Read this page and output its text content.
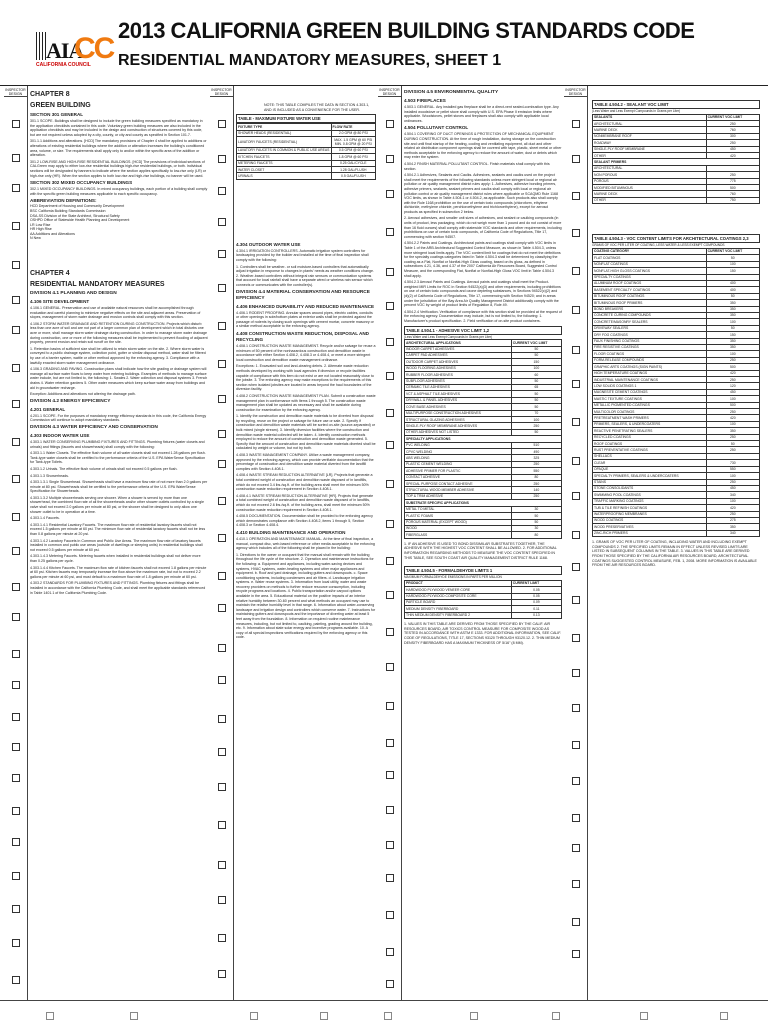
AIA
CC
CALIFORNIA COUNCIL
2013 CALIFORNIA GREEN BUILDING STANDARDS CODE
RESIDENTIAL MANDATORY MEASURES, SHEET 1
INSPECTOR DESIGN
INSPECTOR DESIGN
INSPECTOR DESIGN
INSPECTOR DESIGN
CHAPTER 8
GREEN BUILDING
SECTION 301 GENERAL

301.1 SCOPE. Buildings shall be designed to include the green building measures specified as mandatory in the application checklists contained in this code. Voluntary green building measures are also included in the application checklists and may be included in the design and construction of structures covered by this code, but are not required unless adopted by a city, county, or city and county as specified in Section 101.7.

301.1.1 Additions and alterations. [HCD] The mandatory provisions of Chapter 4 shall be applied to additions or alterations of existing residential buildings where the addition or alteration increases the building's conditioned area, volume, or size. The requirements shall apply only to and/or within the specific area of the addition or alteration.

301.2 LOW-RISE AND HIGH-RISE RESIDENTIAL BUILDINGS. [HCD] The provisions of individual sections of CALGreen may apply to either low-rise residential buildings high-rise residential buildings, or both. Individual sections will be designated by banners to indicate where the section applies specifically to low-rise only (LR) or high-rise only (HR). When the section applies to both low-rise and high-rise buildings, no banner will be used.

SECTION 302 MIXED OCCUPANCY BUILDINGS

302.1 MIXED OCCUPANCY BUILDINGS. In mixed occupancy buildings, each portion of a building shall comply with the specific green building measures applicable to each specific occupancy.

ABBREVIATION DEFINITIONS:
HCD Department of Housing and Community Development
BSC California Building Standards Commission
DSA-SS Division of the State Architect, Structural Safety
OSHPD Office of Statewide Health Planning and Development
LR Low Rise
HR High Rise
AA Additions and Alterations
N New
CHAPTER 4
RESIDENTIAL MANDATORY MEASURES
DIVISION 4.1 PLANNING AND DESIGN
4.106 SITE DEVELOPMENT

4.106.1 GENERAL. Preservation and use of available natural resources shall be accomplished through evaluation and careful planning to minimize negative effects on the site and adjacent areas. Preservation of slopes, management of storm water drainage and erosion controls shall comply with this section.

4.106.2 STORM WATER DRAINAGE AND RETENTION DURING CONSTRUCTION. Projects which disturb less than one acre of soil and are not part of a larger common plan of development which in total disturbs one acre or more, shall manage storm water drainage during construction. In order to manage storm water drainage during construction, one or more of the following measures shall be implemented to prevent flooding of adjacent property, prevent erosion and retain soil runoff on the site.

1. Retention basins of sufficient size shall be utilized to retain storm water on the site. 2. Where storm water is conveyed to a public drainage system, collection point, gutter or similar disposal method, water shall be filtered by use of a barrier system, wattle or other method approved by the enforcing agency. 3. Compliance with a lawfully enacted storm water management ordinance.

4.106.3 GRADING AND PAVING. Construction plans shall indicate how the site grading or drainage system will manage all surface water flows to keep water from entering buildings. Examples of methods to manage surface water include, but are not limited to, the following: 1. Swales 2. Water collection and disposal systems 3. French drains 4. Water retention gardens 5. Other water measures which keep surface water away from buildings and aid in groundwater recharge.

Exception: Additions and alterations not altering the drainage path.

DIVISION 4.2 ENERGY EFFICIENCY
4.201 GENERAL

4.201.1 SCOPE. For the purposes of mandatory energy efficiency standards in this code, the California Energy Commission will continue to adopt mandatory standards.

DIVISION 4.3 WATER EFFICIENCY AND CONSERVATION
4.303 INDOOR WATER USE

4.303.1 WATER CONSERVING PLUMBING FIXTURES AND FITTINGS. Plumbing fixtures (water closets and urinals) and fittings (faucets and showerheads) shall comply with the following:

4.303.1.1 Water Closets. The effective flush volume of all water closets shall not exceed 1.28 gallons per flush. Tank-type water closets shall be certified to the performance criteria of the U.S. EPA WaterSense Specification for Tank-type Toilets.

4.303.1.2 Urinals. The effective flush volume of urinals shall not exceed 0.5 gallons per flush.

4.303.1.3 Showerheads.

4.303.1.3.1 Single Showerhead. Showerheads shall have a maximum flow rate of not more than 2.0 gallons per minute at 80 psi. Showerheads shall be certified to the performance criteria of the U.S. EPA WaterSense Specification for Showerheads.

4.303.1.3.2 Multiple showerheads serving one shower. When a shower is served by more than one showerhead, the combined flow rate of all the showerheads and/or other shower outlets controlled by a single valve shall not exceed 2.0 gallons per minute at 80 psi, or the shower shall be designed to only allow one shower outlet to be in operation at a time.

4.303.1.4 Faucets.

4.303.1.4.1 Residential Lavatory Faucets. The maximum flow rate of residential lavatory faucets shall not exceed 1.5 gallons per minute at 60 psi. The minimum flow rate of residential lavatory faucets shall not be less than 0.8 gallons per minute at 20 psi.

4.303.1.4.2 Lavatory Faucets in Common and Public Use Areas. The maximum flow rate of lavatory faucets installed in common and public use areas (outside of dwellings or sleeping units) in residential buildings shall not exceed 0.5 gallons per minute at 60 psi.

4.303.1.4.3 Metering Faucets. Metering faucets when installed in residential buildings shall not deliver more than 0.25 gallons per cycle.

4.303.1.4.4 Kitchen Faucets. The maximum flow rate of kitchen faucets shall not exceed 1.8 gallons per minute at 60 psi. Kitchen faucets may temporarily increase the flow above the maximum rate, but not to exceed 2.2 gallons per minute at 60 psi, and must default to a maximum flow rate of 1.8 gallons per minute at 60 psi.

4.303.2 STANDARDS FOR PLUMBING FIXTURES AND FITTINGS. Plumbing fixtures and fittings shall be installed in accordance with the California Plumbing Code, and shall meet the applicable standards referenced in Table 1401.1 of the California Plumbing Code.

NOTE: THIS TABLE COMPILES THE DATA IN SECTION 4.303.1, AND IS INCLUDED AS A CONVENIENCE FOR THE USER.

TABLE - MAXIMUM FIXTURE WATER USE
FIXTURE TYPE	FLOW RATE
SHOWER HEADS (RESIDENTIAL)	2.0 GPM @ 80 PSI
LAVATORY FAUCETS (RESIDENTIAL)	MAX. 1.5 GPM @ 60 PSI MIN. 0.8 GPM @ 20 PSI
LAVATORY FAUCETS IN COMMON & PUBLIC USE AREAS	0.5 GPM @ 60 PSI
KITCHEN FAUCETS	1.8 GPM @ 60 PSI
METERING FAUCETS	0.25 GAL/CYCLE
WATER CLOSET	1.28 GAL/FLUSH
URINALS	0.5 GAL/FLUSH
4.304 OUTDOOR WATER USE

4.304.1 IRRIGATION CONTROLLERS. Automatic irrigation system controllers for landscaping provided by the builder and installed at the time of final inspection shall comply with the following:

1. Controllers shall be weather- or soil moisture-based controllers that automatically adjust irrigation in response to changes in plants' needs as weather conditions change. 2. Weather-based controllers without integral rain sensors or communication systems that account for local rainfall shall have a separate wired or wireless rain sensor which connects or communicates with the controller(s).

DIVISION 4.4 MATERIAL CONSERVATION AND RESOURCE EFFICIENCY
4.406 ENHANCED DURABILITY AND REDUCED MAINTENANCE

4.406.1 RODENT PROOFING. Annular spaces around pipes, electric cables, conduits or other openings in sole/bottom plates at exterior walls shall be protected against the passage of rodents by closing such openings with cement mortar, concrete masonry or a similar method acceptable to the enforcing agency.

4.408 CONSTRUCTION WASTE REDUCTION, DISPOSAL AND RECYCLING

4.408.1 CONSTRUCTION WASTE MANAGEMENT. Recycle and/or salvage for reuse a minimum of 50 percent of the nonhazardous construction and demolition waste in accordance with either Section 4.408.2, 4.408.3 or 4.408.4, or meet a more stringent local construction and demolition waste management ordinance.

Exceptions: 1. Excavated soil and land-clearing debris. 2. Alternate waste reduction methods developed by working with local agencies if diversion or recycle facilities capable of compliance with this item do not exist or are not located reasonably close to the jobsite. 3. The enforcing agency may make exceptions to the requirements of this section when isolated jobsites are located in areas beyond the haul boundaries of the diversion facility.

4.408.2 CONSTRUCTION WASTE MANAGEMENT PLAN. Submit a construction waste management plan in conformance with Items 1 through 5. The construction waste management plan shall be updated as necessary and shall be available during construction for examination by the enforcing agency.

1. Identify the construction and demolition waste materials to be diverted from disposal by recycling, reuse on the project or salvage for future use or sale. 2. Specify if construction and demolition waste materials will be sorted on-site (source-separated) or bulk mixed (single stream). 3. Identify diversion facilities where the construction and demolition waste material collected will be taken. 4. Identify construction methods employed to reduce the amount of construction and demolition waste generated. 5. Specify that the amount of construction and demolition waste materials diverted shall be calculated by weight or volume, but not by both.

4.408.3 WASTE MANAGEMENT COMPANY. Utilize a waste management company, approved by the enforcing agency, which can provide verifiable documentation that the percentage of construction and demolition waste material diverted from the landfill complies with Section 4.408.1.

4.408.4 WASTE STREAM REDUCTION ALTERNATIVE [LR]. Projects that generate a total combined weight of construction and demolition waste disposed of in landfills, which do not exceed 3.4 lbs./sq.ft. of the building area shall meet the minimum 50% construction waste reduction requirement in Section 4.408.1.

4.408.4.1 WASTE STREAM REDUCTION ALTERNATIVE [HR]. Projects that generate a total combined weight of construction and demolition waste disposed of in landfills, which do not exceed 2.6 lbs./sq.ft. of the building area, shall meet the minimum 50% construction waste reduction requirement in Section 4.408.1.

4.408.5 DOCUMENTATION. Documentation shall be provided to the enforcing agency which demonstrates compliance with Section 4.408.2, items 1 through 5, Section 4.408.3 or Section 4.408.4.

4.410 BUILDING MAINTENANCE AND OPERATION

4.410.1 OPERATION AND MAINTENANCE MANUAL. At the time of final inspection, a manual, compact disc, web-based reference or other media acceptable to the enforcing agency which includes all of the following shall be placed in the building:

1. Directions to the owner or occupant that the manual shall remain with the building throughout the life cycle of the structure. 2. Operation and maintenance instructions for the following: a. Equipment and appliances, including water-saving devices and systems, HVAC systems, water-heating systems and other major appliances and equipment. b. Roof and yard drainage, including gutters and downspouts. c. Space conditioning systems, including condensers and air filters. d. Landscape irrigation systems. e. Water reuse systems. 3. Information from local utility, water and waste recovery providers on methods to further reduce resource consumption, including recycle programs and locations. 4. Public transportation and/or carpool options available in the area. 5. Educational material on the positive impacts of an interior relative humidity between 30-60 percent and what methods an occupant may use to maintain the relative humidity level in that range. 6. Information about water-conserving landscape and irrigation design and controllers which conserve water. 7. Instructions for maintaining gutters and downspouts and the importance of diverting water at least 5 feet away from the foundation. 8. Information on required routine maintenance measures, including, but not limited to, caulking, painting, grading around the building, etc. 9. Information about state solar energy and incentive programs available. 10. A copy of all special inspections verifications required by the enforcing agency or this code.

DIVISION 4.5 ENVIRONMENTAL QUALITY
4.503 FIREPLACES

4.503.1 GENERAL. Any installed gas fireplace shall be a direct-vent sealed-combustion type. Any installed woodstove or pellet stove shall comply with U.S. EPA Phase II emission limits where applicable. Woodstoves, pellet stoves and fireplaces shall also comply with applicable local ordinances.

4.504 POLLUTANT CONTROL

4.504.1 COVERING OF DUCT OPENINGS & PROTECTION OF MECHANICAL EQUIPMENT DURING CONSTRUCTION. At the time of rough installation, during storage on the construction site and until final startup of the heating, cooling and ventilating equipment, all duct and other related air distribution component openings shall be covered with tape, plastic, sheet metal or other methods acceptable to the enforcing agency to reduce the amount of water, dust or debris which may enter the system.

4.504.2 FINISH MATERIAL POLLUTANT CONTROL. Finish materials shall comply with this section.

4.504.2.1 Adhesives, Sealants and Caulks. Adhesives, sealants and caulks used on the project shall meet the requirements of the following standards unless more stringent local or regional air pollution or air quality management district rules apply: 1. Adhesives, adhesive bonding primers, adhesive primers, sealants, sealant primers and caulks shall comply with local or regional air pollution control or air quality management district rules where applicable or SCAQMD Rule 1168 VOC limits, as shown in Table 4.504.1 or 4.504.2, as applicable. Such products also shall comply with the Rule 1168 prohibition on the use of certain toxic compounds (chloroform, ethylene dichloride, methylene chloride, perchloroethylene and trichloroethylene), except for aerosol products as specified in subsection 2 below.

2. Aerosol adhesives, and smaller unit sizes of adhesives, and sealant or caulking compounds (in units of product, less packaging, which do not weigh more than 1 pound and do not consist of more than 16 fluid ounces) shall comply with statewide VOC standards and other requirements, including prohibitions on use of certain toxic compounds, of California Code of Regulations, Title 17, commencing with section 94507.

4.504.2.2 Paints and Coatings. Architectural paints and coatings shall comply with VOC limits in Table 1 of the ARB Architectural Suggested Control Measure, as shown in Table 4.504.3, unless more stringent local limits apply. The VOC content limit for coatings that do not meet the definitions for the specialty coatings categories listed in Table 4.504.3 shall be determined by classifying the coating as a Flat, Nonflat or Nonflat-High Gloss coating, based on its gloss, as defined in subsections 4.21, 4.36, and 4.37 of the 2007 California Air Resources Board, Suggested Control Measure, and the corresponding Flat, Nonflat or Nonflat-High Gloss VOC limit in Table 4.504.3 shall apply.

4.504.2.3 Aerosol Paints and Coatings. Aerosol paints and coatings shall meet the Product-weighted MIR Limits for ROC in Section 94522(a)(3) and other requirements, including prohibitions on use of certain toxic compounds and ozone depleting substances, in Sections 94522(c)(2) and (d)(2) of California Code of Regulations, Title 17, commencing with Section 94520; and in areas under the jurisdiction of the Bay Area Air Quality Management District additionally comply with the percent VOC by weight of product limits of Regulation 8, Rule 49.

4.504.2.4 Verification. Verification of compliance with this section shall be provided at the request of the enforcing agency. Documentation may include, but is not limited to, the following: 1. Manufacturer's product specification. 2. Field verification of on-site product containers.

TABLE 4.504.1 - ADHESIVE VOC LIMIT 1,2
(Less Water and Less Exempt Compounds in Grams per Liter)
ARCHITECTURAL APPLICATIONS	CURRENT VOC LIMIT
INDOOR CARPET ADHESIVES	50
CARPET PAD ADHESIVES	50
OUTDOOR CARPET ADHESIVES	150
WOOD FLOORING ADHESIVES	100
RUBBER FLOOR ADHESIVES	60
SUBFLOOR ADHESIVES	50
CERAMIC TILE ADHESIVES	65
VCT & ASPHALT TILE ADHESIVES	50
DRYWALL & PANEL ADHESIVES	50
COVE BASE ADHESIVES	50
MULTIPURPOSE CONSTRUCTION ADHESIVES	70
STRUCTURAL GLAZING ADHESIVES	100
SINGLE-PLY ROOF MEMBRANE ADHESIVES	250
OTHER ADHESIVES NOT LISTED	50
SPECIALTY APPLICATIONS	
PVC WELDING	510
CPVC WELDING	490
ABS WELDING	325
PLASTIC CEMENT WELDING	250
ADHESIVE PRIMER FOR PLASTIC	550
CONTACT ADHESIVE	80
SPECIAL PURPOSE CONTACT ADHESIVE	250
STRUCTURAL WOOD MEMBER ADHESIVE	140
TOP & TRIM ADHESIVE	250
SUBSTRATE SPECIFIC APPLICATIONS	
METAL TO METAL	30
PLASTIC FOAMS	50
POROUS MATERIAL (EXCEPT WOOD)	50
WOOD	30
FIBERGLASS	80

1. IF AN ADHESIVE IS USED TO BOND DISSIMILAR SUBSTRATES TOGETHER, THE ADHESIVE WITH THE HIGHEST VOC CONTENT SHALL BE ALLOWED. 2. FOR ADDITIONAL INFORMATION REGARDING METHODS TO MEASURE THE VOC CONTENT SPECIFIED IN THIS TABLE, SEE SOUTH COAST AIR QUALITY MANAGEMENT DISTRICT RULE 1168.

TABLE 4.504.5 - FORMALDEHYDE LIMITS 1
MAXIMUM FORMALDEHYDE EMISSIONS IN PARTS PER MILLION
PRODUCT	CURRENT LIMIT
HARDWOOD PLYWOOD VENEER CORE	0.05
HARDWOOD PLYWOOD COMPOSITE CORE	0.05
PARTICLE BOARD	0.09
MEDIUM DENSITY FIBERBOARD	0.11
THIN MEDIUM DENSITY FIBERBOARD 2	0.13

1. VALUES IN THIS TABLE ARE DERIVED FROM THOSE SPECIFIED BY THE CALIF. AIR RESOURCES BOARD, AIR TOXICS CONTROL MEASURE FOR COMPOSITE WOOD AS TESTED IN ACCORDANCE WITH ASTM E 1333. FOR ADDITIONAL INFORMATION, SEE CALIF. CODE OF REGULATIONS, TITLE 17, SECTIONS 93120 THROUGH 93120.12. 2. THIN MEDIUM DENSITY FIBERBOARD HAS A MAXIMUM THICKNESS OF 5/16" (8 MM).

TABLE 4.504.2 - SEALANT VOC LIMIT
(Less Water and Less Exempt Compounds in Grams per Liter)
SEALANTS	CURRENT VOC LIMIT
ARCHITECTURAL	250
MARINE DECK	760
NONMEMBRANE ROOF	300
ROADWAY	250
SINGLE-PLY ROOF MEMBRANE	450
OTHER	420
SEALANT PRIMERS	
ARCHITECTURAL	
NON POROUS	250
POROUS	775
MODIFIED BITUMINOUS	500
MARINE DECK	760
OTHER	750
TABLE 4.504.3 - VOC CONTENT LIMITS FOR ARCHITECTURAL COATINGS 2,3
GRAMS OF VOC PER LITER OF COATING, LESS WATER & LESS EXEMPT COMPOUNDS
COATING CATEGORY	CURRENT VOC LIMIT
FLAT COATINGS	50
NONFLAT COATINGS	100
NONFLAT-HIGH GLOSS COATINGS	150
SPECIALTY COATINGS	
ALUMINUM ROOF COATINGS	400
BASEMENT SPECIALTY COATINGS	400
BITUMINOUS ROOF COATINGS	50
BITUMINOUS ROOF PRIMERS	350
BOND BREAKERS	350
CONCRETE CURING COMPOUNDS	350
CONCRETE/MASONRY SEALERS	100
DRIVEWAY SEALERS	50
DRY FOG COATINGS	150
FAUX FINISHING COATINGS	350
FIRE RESISTIVE COATINGS	350
FLOOR COATINGS	100
FORM-RELEASE COMPOUNDS	250
GRAPHIC ARTS COATINGS (SIGN PAINTS)	500
HIGH TEMPERATURE COATINGS	420
INDUSTRIAL MAINTENANCE COATINGS	250
LOW SOLIDS COATINGS 1	120
MAGNESITE CEMENT COATINGS	450
MASTIC TEXTURE COATINGS	100
METALLIC PIGMENTED COATINGS	500
MULTICOLOR COATINGS	250
PRETREATMENT WASH PRIMERS	420
PRIMERS, SEALERS, & UNDERCOATERS	100
REACTIVE PENETRATING SEALERS	350
RECYCLED COATINGS	250
ROOF COATINGS	50
RUST PREVENTATIVE COATINGS	250
SHELLACS	
CLEAR	730
OPAQUE	550
SPECIALTY PRIMERS, SEALERS & UNDERCOATERS	100
STAINS	250
STONE CONSOLIDANTS	450
SWIMMING POOL COATINGS	340
TRAFFIC MARKING COATINGS	100
TUB & TILE REFINISH COATINGS	420
WATERPROOFING MEMBRANES	250
WOOD COATINGS	275
WOOD PRESERVATIVES	350
ZINC-RICH PRIMERS	340

1. GRAMS OF VOC PER LITER OF COATING, INCLUDING WATER AND INCLUDING EXEMPT COMPOUNDS 2. THE SPECIFIED LIMITS REMAIN IN EFFECT UNLESS REVISED LIMITS ARE LISTED IN SUBSEQUENT COLUMNS IN THE TABLE. 3. VALUES IN THIS TABLE ARE DERIVED FROM THOSE SPECIFIED BY THE CALIFORNIA AIR RESOURCES BOARD, ARCHITECTURAL COATINGS SUGGESTED CONTROL MEASURE, FEB. 1, 2008. MORE INFORMATION IS AVAILABLE FROM THE AIR RESOURCES BOARD.
